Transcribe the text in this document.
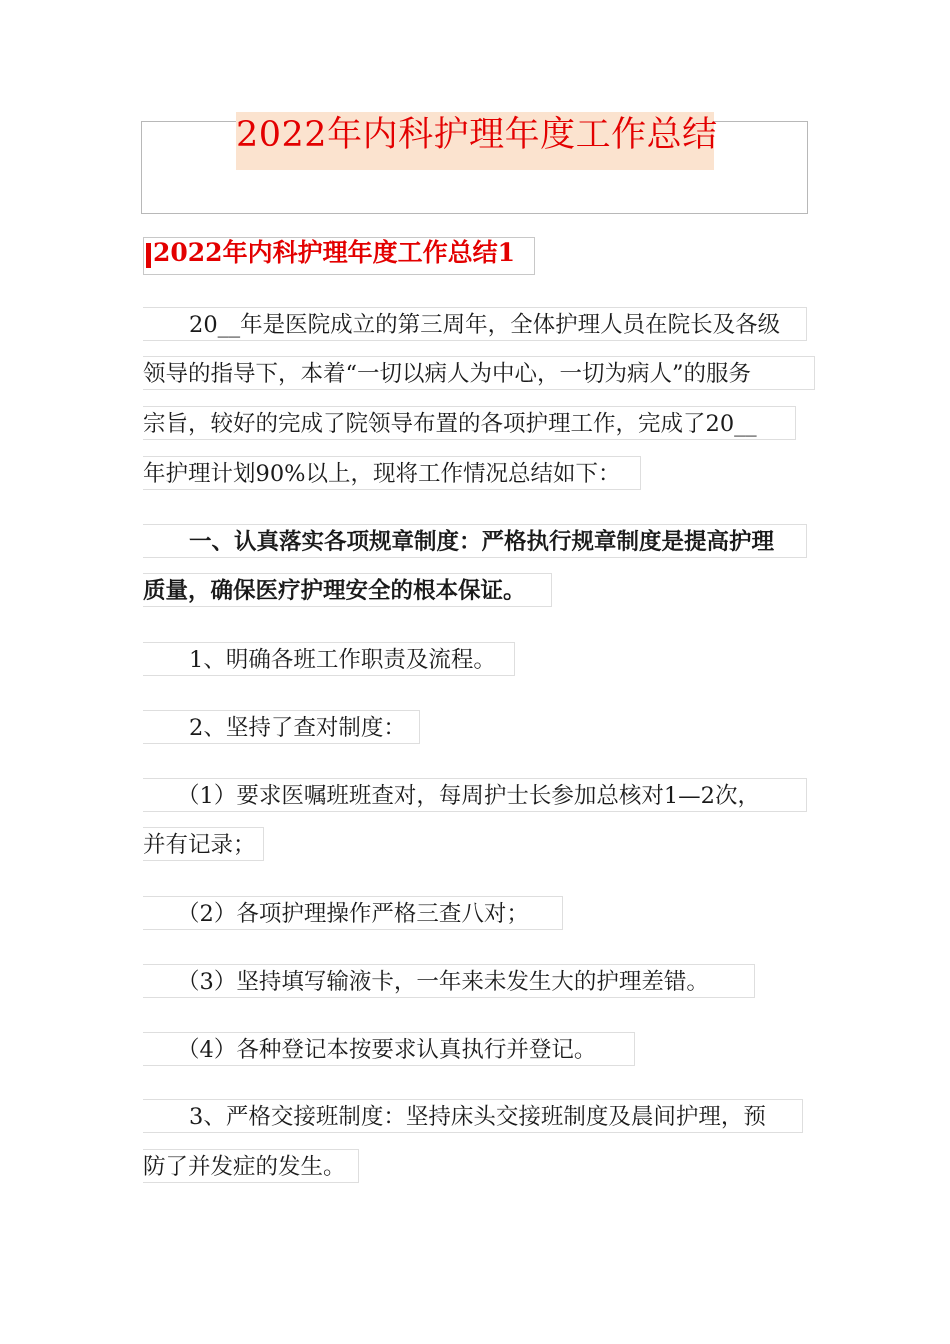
2022年内科护理年度工作总结
2022年内科护理年度工作总结1
20__年是医院成立的第三周年，全体护理人员在院长及各级
领导的指导下，本着“一切以病人为中心，一切为病人”的服务
宗旨，较好的完成了院领导布置的各项护理工作，完成了20__
年护理计划90%以上，现将工作情况总结如下：
一、认真落实各项规章制度：严格执行规章制度是提高护理
质量，确保医疗护理安全的根本保证。
1、明确各班工作职责及流程。
2、坚持了查对制度：
（1）要求医嘱班班查对，每周护士长参加总核对1—2次，
并有记录；
（2）各项护理操作严格三查八对；
（3）坚持填写输液卡，一年来未发生大的护理差错。
（4）各种登记本按要求认真执行并登记。
3、严格交接班制度：坚持床头交接班制度及晨间护理，预
防了并发症的发生。
